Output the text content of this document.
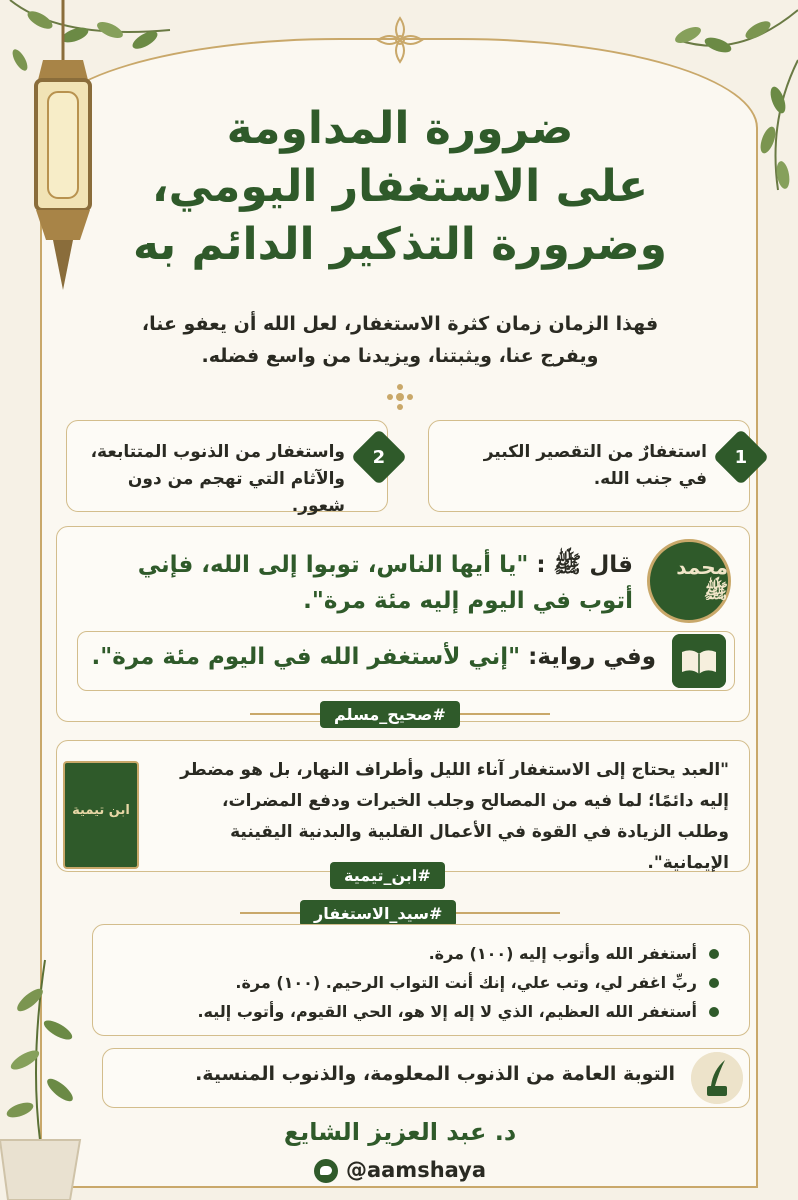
ضرورة المداومة
على الاستغفار اليومي،
وضرورة التذكير الدائم به
فهذا الزمان زمان كثرة الاستغفار، لعل الله أن يعفو عنا،
ويفرج عنا، ويثبتنا، ويزيدنا من واسع فضله.
1
استغفارٌ من التقصير الكبير
في جنب الله.
2
واستغفار من الذنوب المتتابعة،
والآثام التي تهجم من دون شعور.
محمد ﷺ
قال ﷺ : "يا أيها الناس، توبوا إلى الله، فإني
أتوب في اليوم إليه مئة مرة".
وفي رواية: "إني لأستغفر الله في اليوم مئة مرة".
#صحيح_مسلم
ابن تيمية
"العبد يحتاج إلى الاستغفار آناء الليل وأطراف النهار، بل هو مضطر
إليه دائمًا؛ لما فيه من المصالح وجلب الخيرات ودفع المضرات،
وطلب الزيادة في القوة في الأعمال القلبية والبدنية اليقينية الإيمانية".
#ابن_تيمية
#سيد_الاستغفار
أستغفر الله وأتوب إليه (١٠٠) مرة.
ربِّ اغفر لي، وتب علي، إنك أنت التواب الرحيم. (١٠٠) مرة.
أستغفر الله العظيم، الذي لا إله إلا هو، الحي القيوم، وأتوب إليه.
التوبة العامة من الذنوب المعلومة، والذنوب المنسية.
د. عبد العزيز الشايع
@aamshaya
